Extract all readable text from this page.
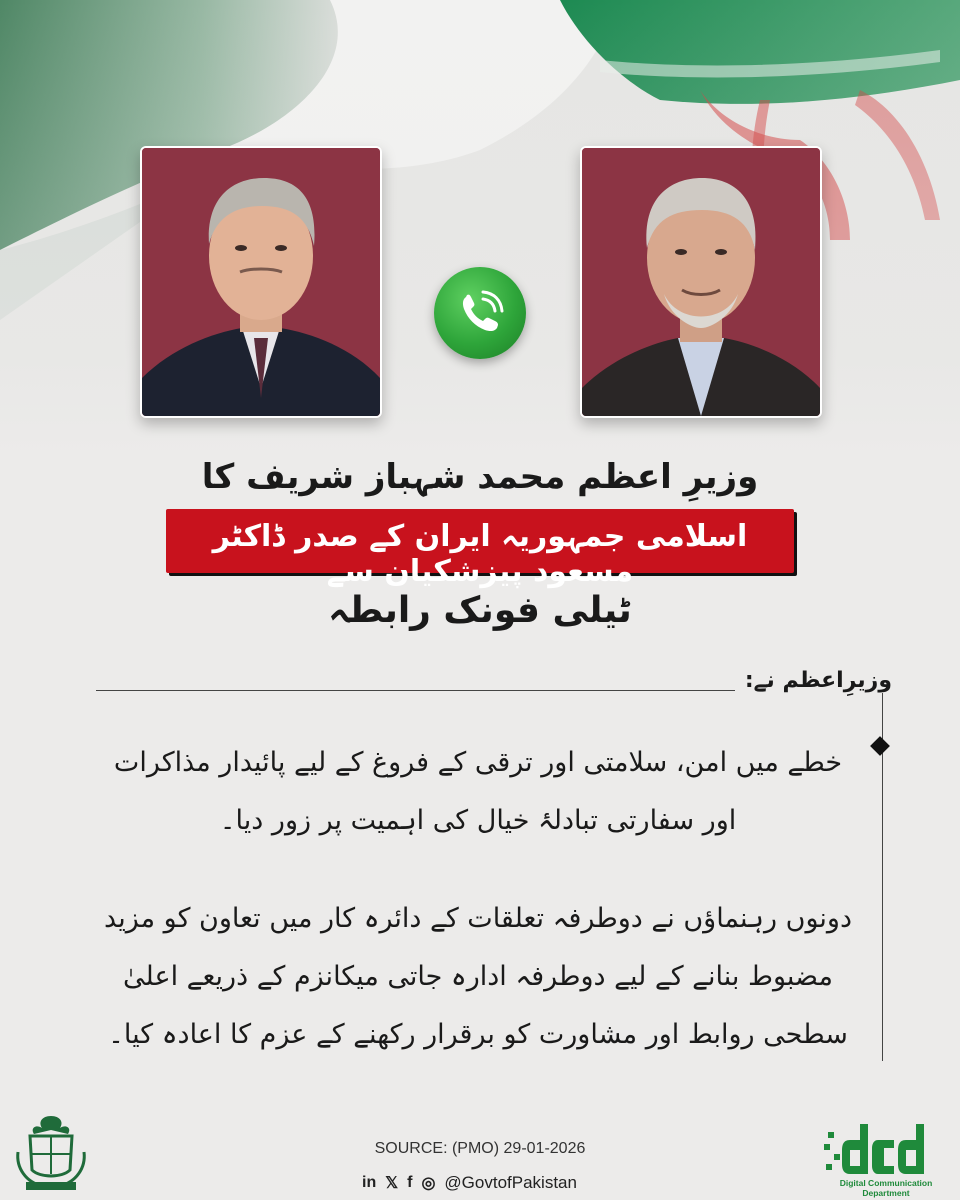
وزیرِ اعظم محمد شہباز شریف کا
اسلامی جمہوریہ ایران کے صدر ڈاکٹر مسعود پیزشکیان سے
ٹیلی فونک رابطہ
وزیرِاعظم نے:
خطے میں امن، سلامتی اور ترقی کے فروغ کے لیے پائیدار مذاکرات اور سفارتی تبادلۂ خیال کی اہمیت پر زور دیا۔
دونوں رہنماؤں نے دوطرفہ تعلقات کے دائرہ کار میں تعاون کو مزید مضبوط بنانے کے لیے دوطرفہ ادارہ جاتی میکانزم کے ذریعے اعلیٰ سطحی روابط اور مشاورت کو برقرار رکھنے کے عزم کا اعادہ کیا۔
SOURCE: (PMO) 29-01-2026
in 𝕏 f ◎ @GovtofPakistan	Digital Communication Department
